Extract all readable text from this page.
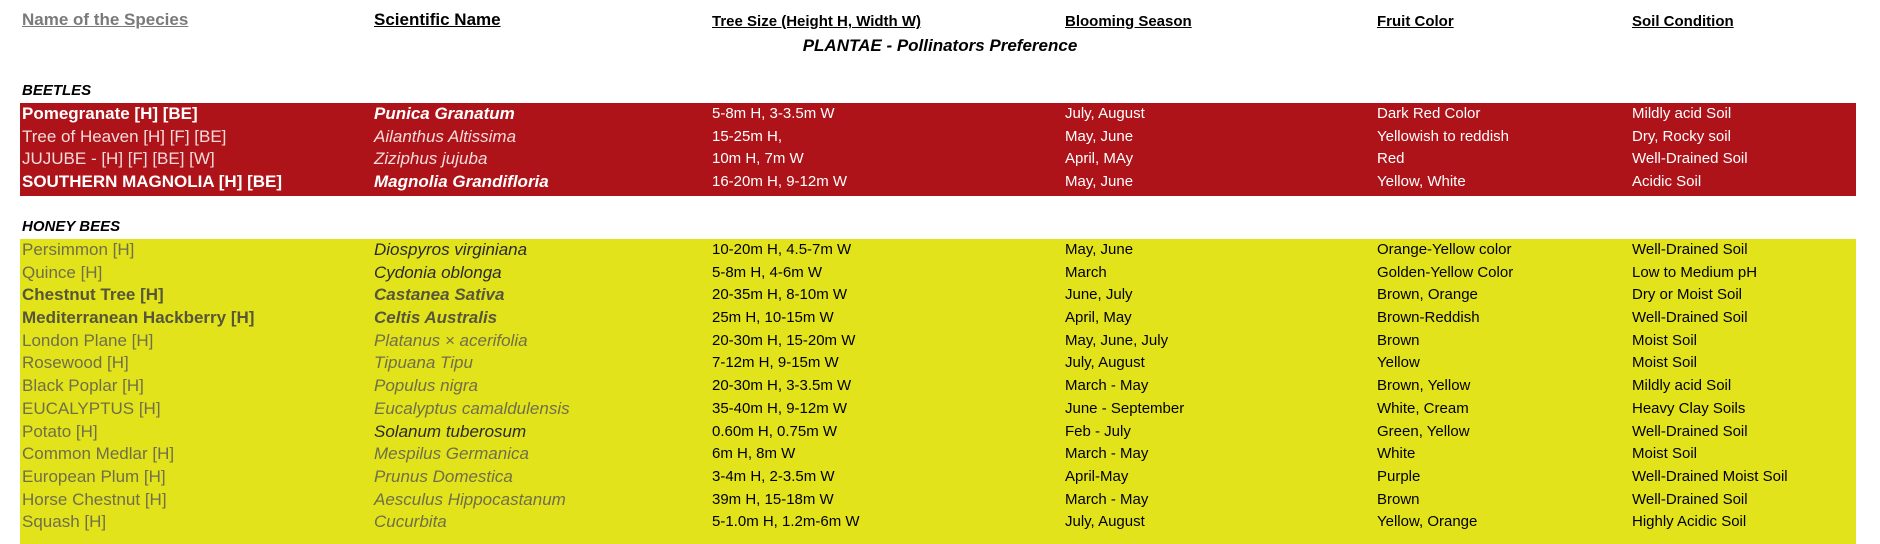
Name of the Species	Scientific Name	Tree Size (Height H, Width W)	Blooming Season	Fruit Color	Soil Condition
PLANTAE - Pollinators Preference
BEETLES
Pomegranate [H] [BE]	Punica Granatum	5-8m H, 3-3.5m W	July, August	Dark Red Color	Mildly acid Soil
Tree of Heaven [H] [F] [BE]	Ailanthus Altissima	15-25m H,	May, June	Yellowish to reddish	Dry, Rocky soil
JUJUBE - [H] [F] [BE] [W]	Ziziphus jujuba	10m H, 7m W	April, MAy	Red	Well-Drained Soil
SOUTHERN MAGNOLIA [H] [BE]	Magnolia Grandifloria	16-20m H, 9-12m W	May, June	Yellow, White	Acidic Soil
HONEY BEES
Persimmon [H]	Diospyros virginiana	10-20m H, 4.5-7m W	May, June	Orange-Yellow color	Well-Drained Soil
Quince [H]	Cydonia oblonga	5-8m H, 4-6m W	March	Golden-Yellow Color	Low to Medium pH
Chestnut Tree [H]	Castanea Sativa	20-35m H, 8-10m W	June, July	Brown, Orange	Dry or Moist Soil
Mediterranean Hackberry [H]	Celtis Australis	25m H, 10-15m W	April, May	Brown-Reddish	Well-Drained Soil
London Plane [H]	Platanus × acerifolia	20-30m H, 15-20m W	May, June, July	Brown	Moist Soil
Rosewood [H]	Tipuana Tipu	7-12m H, 9-15m W	July, August	Yellow	Moist Soil
Black Poplar [H]	Populus nigra	20-30m H, 3-3.5m W	March - May	Brown, Yellow	Mildly acid Soil
EUCALYPTUS [H]	Eucalyptus camaldulensis	35-40m H, 9-12m W	June - September	White, Cream	Heavy Clay Soils
Potato [H]	Solanum tuberosum	0.60m H, 0.75m W	Feb - July	Green, Yellow	Well-Drained Soil
Common Medlar [H]	Mespilus Germanica	6m H, 8m W	March - May	White	Moist Soil
European Plum [H]	Prunus Domestica	3-4m H, 2-3.5m W	April-May	Purple	Well-Drained Moist Soil
Horse Chestnut [H]	Aesculus Hippocastanum	39m H, 15-18m W	March - May	Brown	Well-Drained Soil
Squash [H]	Cucurbita	5-1.0m H, 1.2m-6m W	July, August	Yellow, Orange	Highly Acidic Soil
